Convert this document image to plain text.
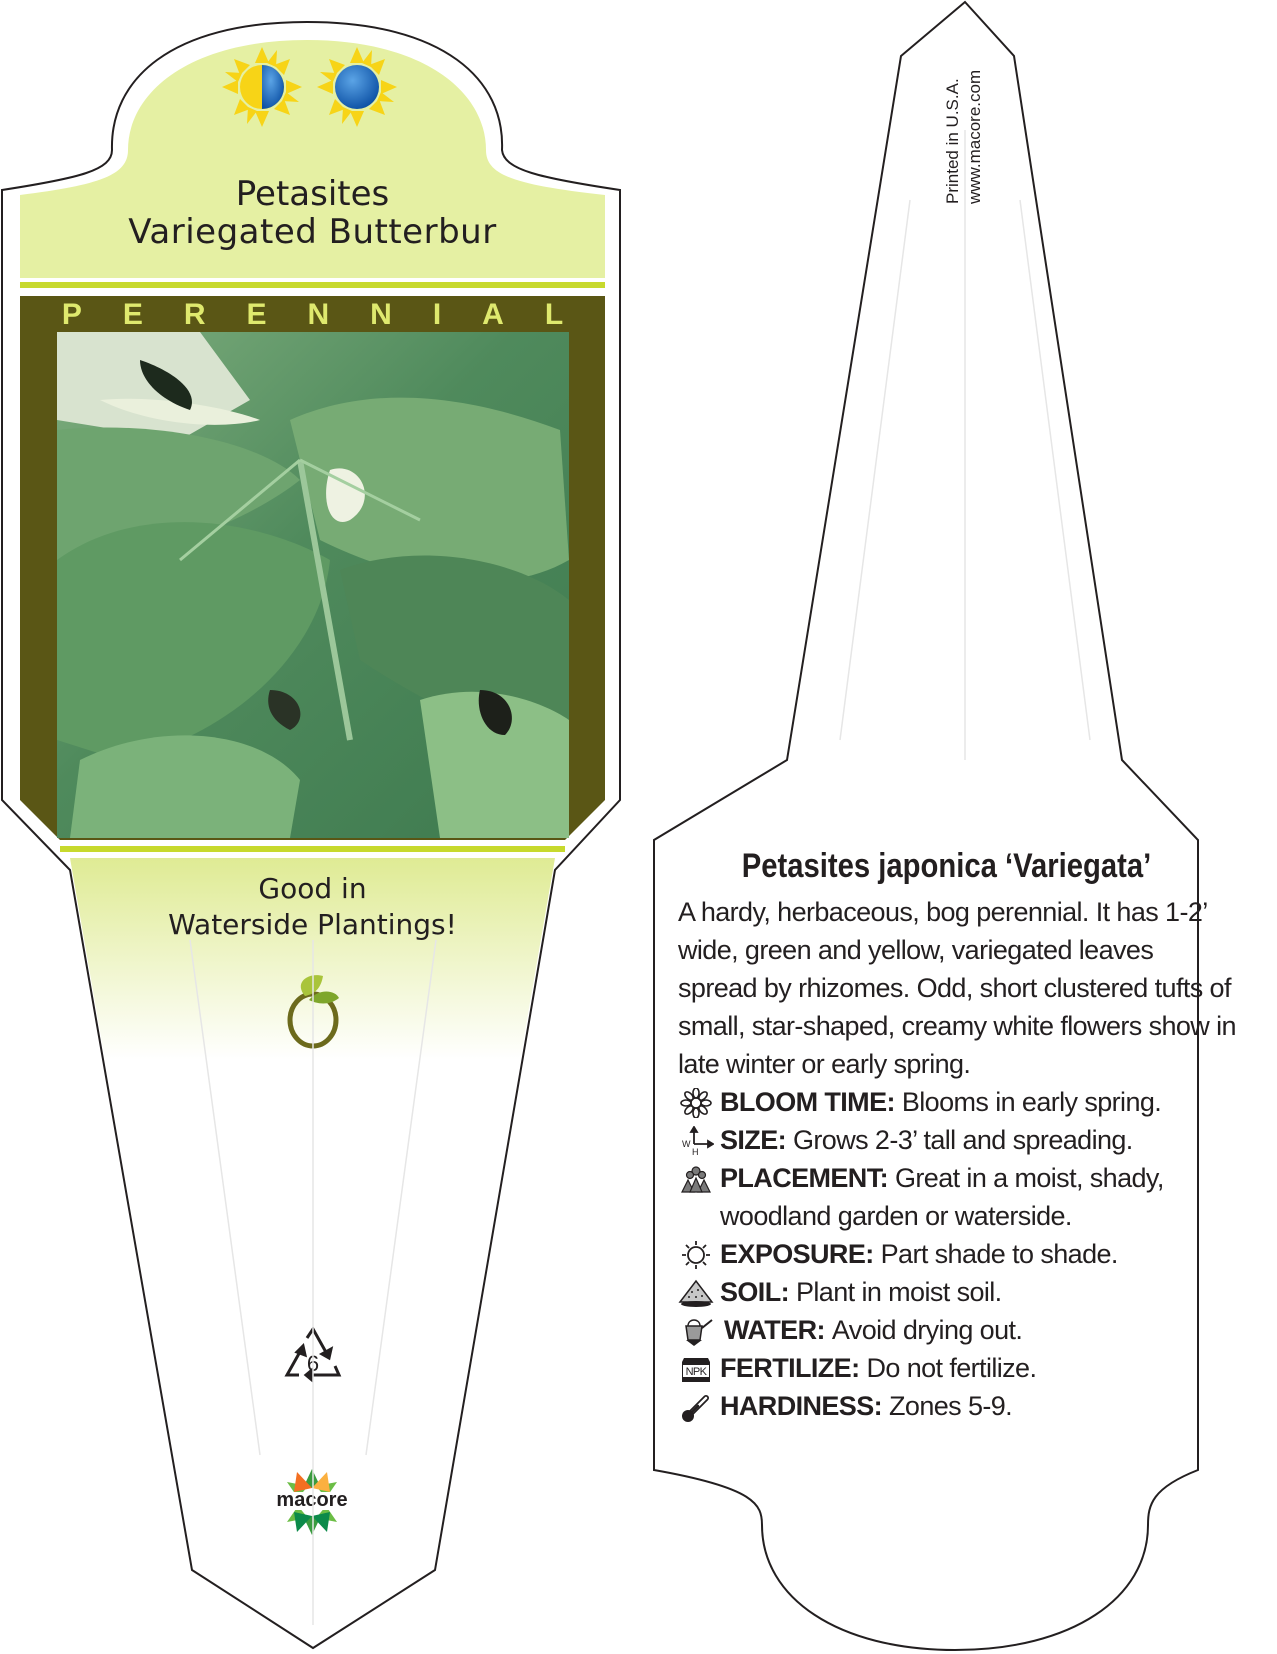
6
macore
Petasites
Variegated Butterbur
PERENNIAL
Good in
Waterside Plantings!
Printed in U.S.A. www.macore.com
Petasites japonica ‘Variegata’

A hardy, herbaceous, bog perennial. It has 1-2’ wide, green and yellow, variegated leaves spread by rhizomes. Odd, short clustered tufts of small, star-shaped, creamy white flowers show in late winter or early spring.

BLOOM TIME: Blooms in early spring.
W
H SIZE: Grows 2-3’ tall and spreading.
PLACEMENT: Great in a moist, shady, woodland garden or waterside.
EXPOSURE: Part shade to shade.
SOIL: Plant in moist soil.
WATER: Avoid drying out.
NPK FERTILIZE: Do not fertilize.
HARDINESS: Zones 5-9.
